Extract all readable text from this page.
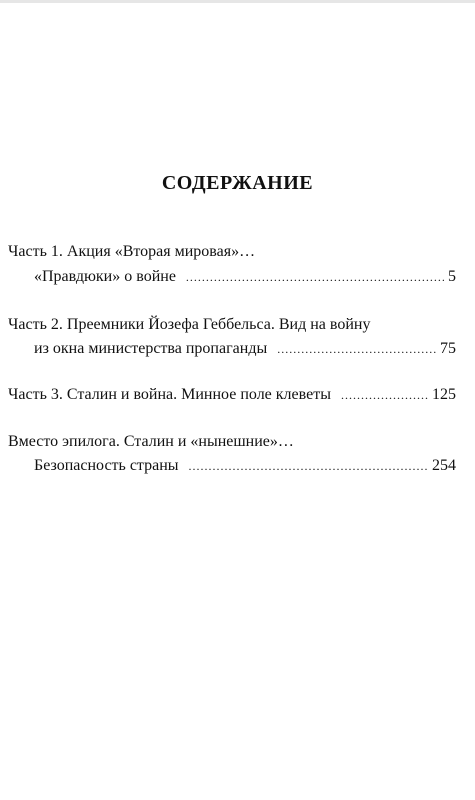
СОДЕРЖАНИЕ
Часть 1. Акция «Вторая мировая»…
«Правдюки» о войне .....	5
Часть 2. Преемники Йозефа Геббельса. Вид на войну
из окна министерства пропаганды .....	75
Часть 3. Сталин и война. Минное поле клеветы .....	125
Вместо эпилога. Сталин и «нынешние»…
Безопасность страны .....	254
